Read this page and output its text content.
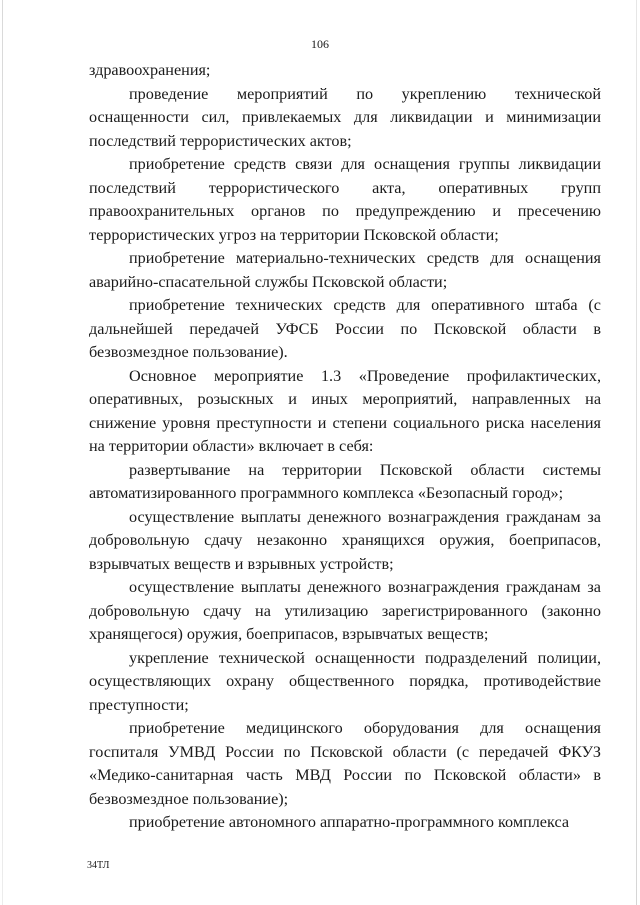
106

здравоохранения;

проведение мероприятий по укреплению технической оснащенности сил, привлекаемых для ликвидации и минимизации последствий террористических актов;

приобретение средств связи для оснащения группы ликвидации последствий террористического акта, оперативных групп правоохранительных органов по предупреждению и пресечению террористических угроз на территории Псковской области;

приобретение материально-технических средств для оснащения аварийно-спасательной службы Псковской области;

приобретение технических средств для оперативного штаба (с дальнейшей передачей УФСБ России по Псковской области в безвозмездное пользование).

Основное мероприятие 1.3 «Проведение профилактических, оперативных, розыскных и иных мероприятий, направленных на снижение уровня преступности и степени социального риска населения на территории области» включает в себя:

развертывание на территории Псковской области системы автоматизированного программного комплекса «Безопасный город»;

осуществление выплаты денежного вознаграждения гражданам за добровольную сдачу незаконно хранящихся оружия, боеприпасов, взрывчатых веществ и взрывных устройств;

осуществление выплаты денежного вознаграждения гражданам за добровольную сдачу на утилизацию зарегистрированного (законно хранящегося) оружия, боеприпасов, взрывчатых веществ;

укрепление технической оснащенности подразделений полиции, осуществляющих охрану общественного порядка, противодействие преступности;

приобретение медицинского оборудования для оснащения госпиталя УМВД России по Псковской области (с передачей ФКУЗ «Медико-санитарная часть МВД России по Псковской области» в безвозмездное пользование);

приобретение автономного аппаратно-программного комплекса

34ТЛ
